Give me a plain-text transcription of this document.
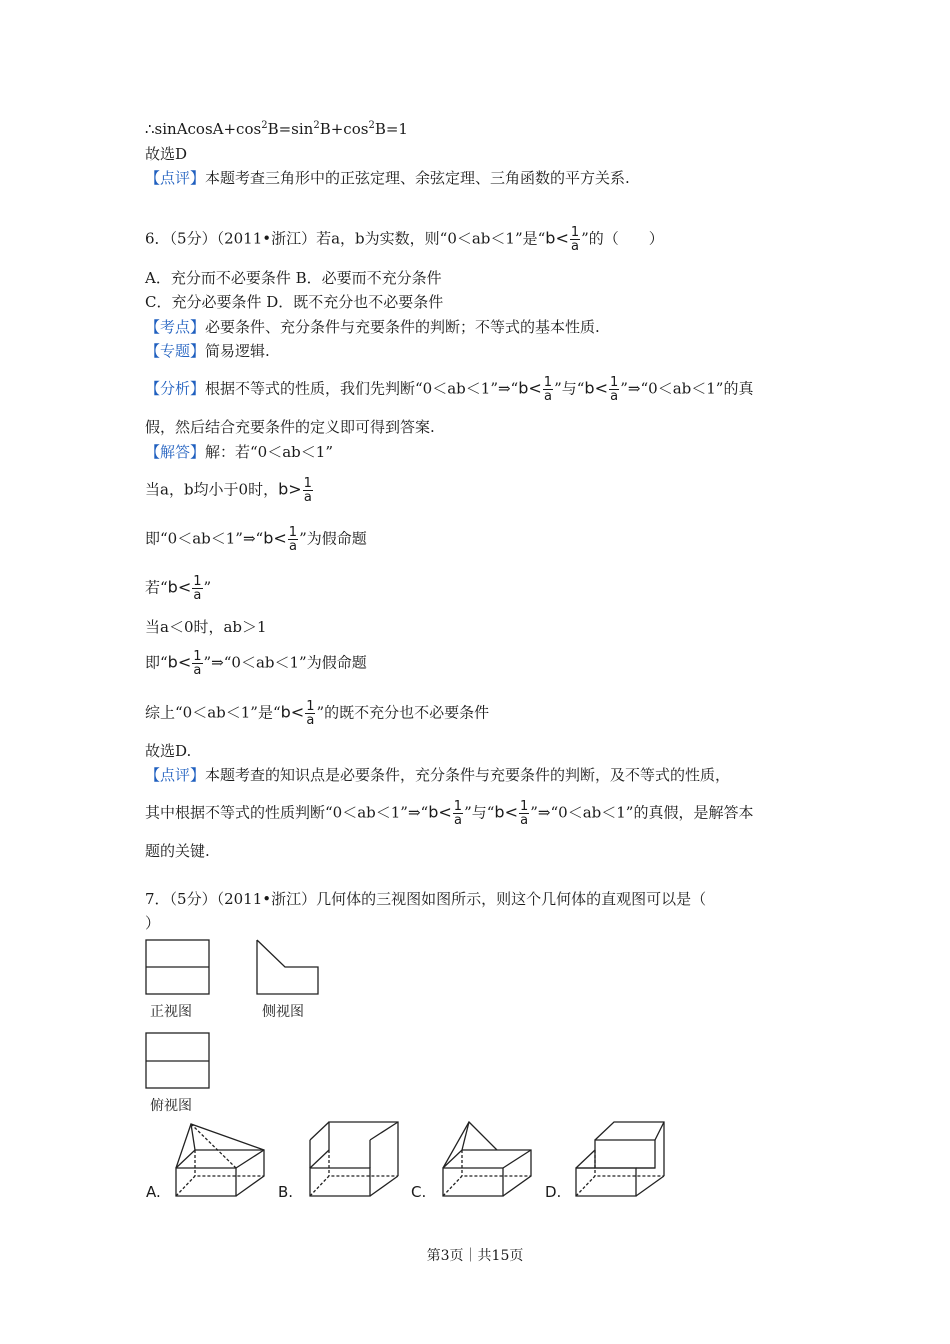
$\therefore sinAcosA+\cos^2B=\sin^2B+\cos^2B=1$
故选D
【点评】本题考查三角形中的正弦定理、余弦定理、三角函数的平方关系.
6．（5分）（2011•浙江）若a，b为实数，则“0＜ab＜1”是“$b< \frac{1}{a}$ ”的（　　）
A．充分而不必要条件 B．必要而不充分条件
C．充分必要条件 D．既不充分也不必要条件
【考点】必要条件、充分条件与充要条件的判断；不等式的基本性质.
【专题】简易逻辑.
【分析】根据不等式的性质，我们先判断“0＜ab＜1”⇒“b< $\frac{1}{a}$ ”与“$b< \frac{1}{a}$ ”⇒“0＜ab＜1”的真
假，然后结合充要条件的定义即可得到答案.
【解答】解：若“0＜ab＜1”
当a，b均小于0时，$b> \frac{1}{a}$
即“0＜ab＜1”⇒“b< $\frac{1}{a}$ ”为假命题
若“$b< \frac{1}{a}$ ”
当a＜0时，ab＞1
即“$b< \frac{1}{a}$ ”⇒“0＜ab＜1”为假命题
综上“0＜ab＜1”是“$b< \frac{1}{a}$ ”的既不充分也不必要条件
故选D.
【点评】本题考查的知识点是必要条件，充分条件与充要条件的判断，及不等式的性质，
其中根据不等式的性质判断“0＜ab＜1”⇒“b< $\frac{1}{a}$ ”与“$b< \frac{1}{a}$ ”⇒“0＜ab＜1”的真假，是解答本
题的关键.
7．（5分）（2011•浙江）几何体的三视图如图所示，则这个几何体的直观图可以是（
）
正视图	侧视图
俯视图
A.	B.	C.	D.
第3页｜共15页
